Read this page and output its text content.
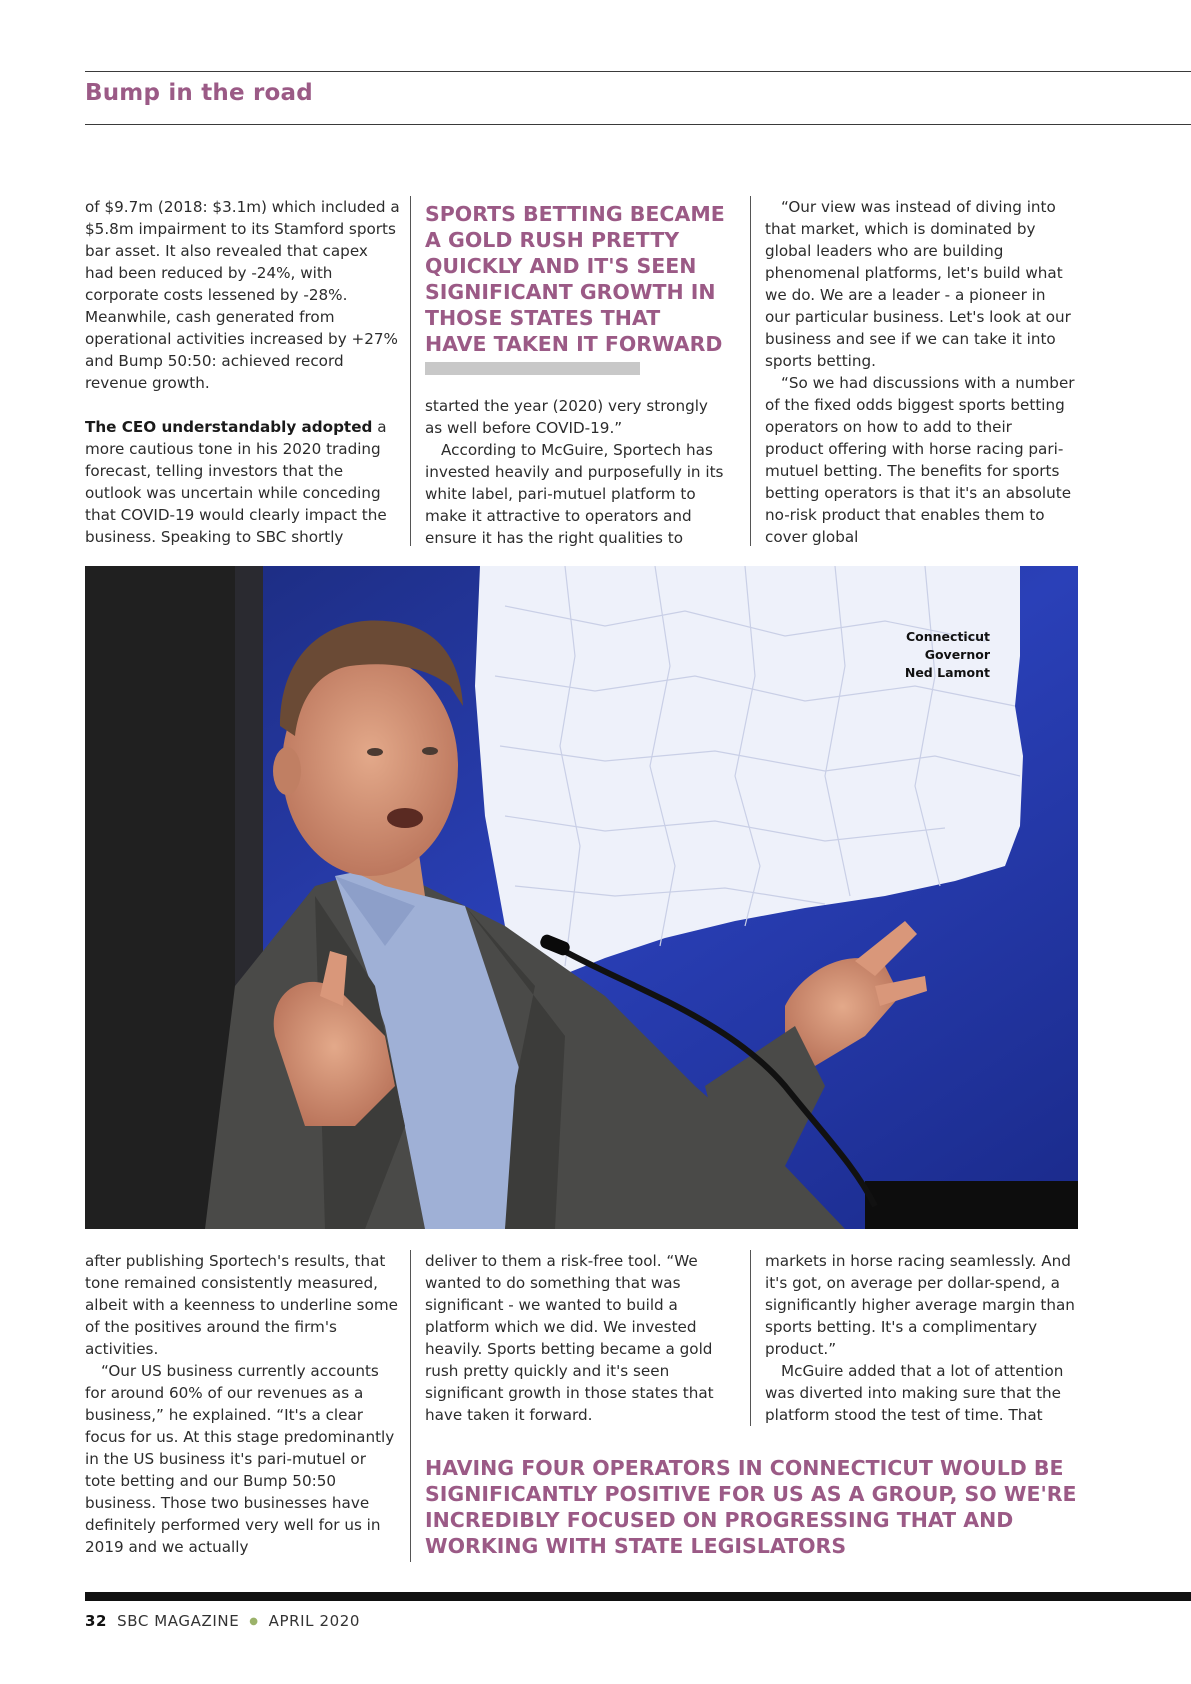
Bump in the road

of $9.7m (2018: $3.1m) which included a $5.8m impairment to its Stamford sports bar asset. It also revealed that capex had been reduced by -24%, with corporate costs lessened by -28%. Meanwhile, cash generated from operational activities increased by +27% and Bump 50:50: achieved record revenue growth.

The CEO understandably adopted a more cautious tone in his 2020 trading forecast, telling investors that the outlook was uncertain while conceding that COVID-19 would clearly impact the business. Speaking to SBC shortly

SPORTS BETTING BECAME A GOLD RUSH PRETTY QUICKLY AND IT'S SEEN SIGNIFICANT GROWTH IN THOSE STATES THAT HAVE TAKEN IT FORWARD

started the year (2020) very strongly as well before COVID-19.”

According to McGuire, Sportech has invested heavily and purposefully in its white label, pari-mutuel platform to make it attractive to operators and ensure it has the right qualities to

“Our view was instead of diving into that market, which is dominated by global leaders who are building phenomenal platforms, let's build what we do. We are a leader - a pioneer in our particular business. Let's look at our business and see if we can take it into sports betting.

“So we had discussions with a number of the fixed odds biggest sports betting operators on how to add to their product offering with horse racing pari-mutuel betting. The benefits for sports betting operators is that it's an absolute no-risk product that enables them to cover global

Connecticut
Governor
Ned Lamont

after publishing Sportech's results, that tone remained consistently measured, albeit with a keenness to underline some of the positives around the firm's activities.

“Our US business currently accounts for around 60% of our revenues as a business,” he explained. “It's a clear focus for us. At this stage predominantly in the US business it's pari-mutuel or tote betting and our Bump 50:50 business. Those two businesses have definitely performed very well for us in 2019 and we actually

deliver to them a risk-free tool. “We wanted to do something that was significant - we wanted to build a platform which we did. We invested heavily. Sports betting became a gold rush pretty quickly and it's seen significant growth in those states that have taken it forward.

markets in horse racing seamlessly. And it's got, on average per dollar-spend, a significantly higher average margin than sports betting. It's a complimentary product.”

McGuire added that a lot of attention was diverted into making sure that the platform stood the test of time. That

HAVING FOUR OPERATORS IN CONNECTICUT WOULD BE SIGNIFICANTLY POSITIVE FOR US AS A GROUP, SO WE'RE INCREDIBLY FOCUSED ON PROGRESSING THAT AND WORKING WITH STATE LEGISLATORS
32 SBC MAGAZINE ● APRIL 2020
